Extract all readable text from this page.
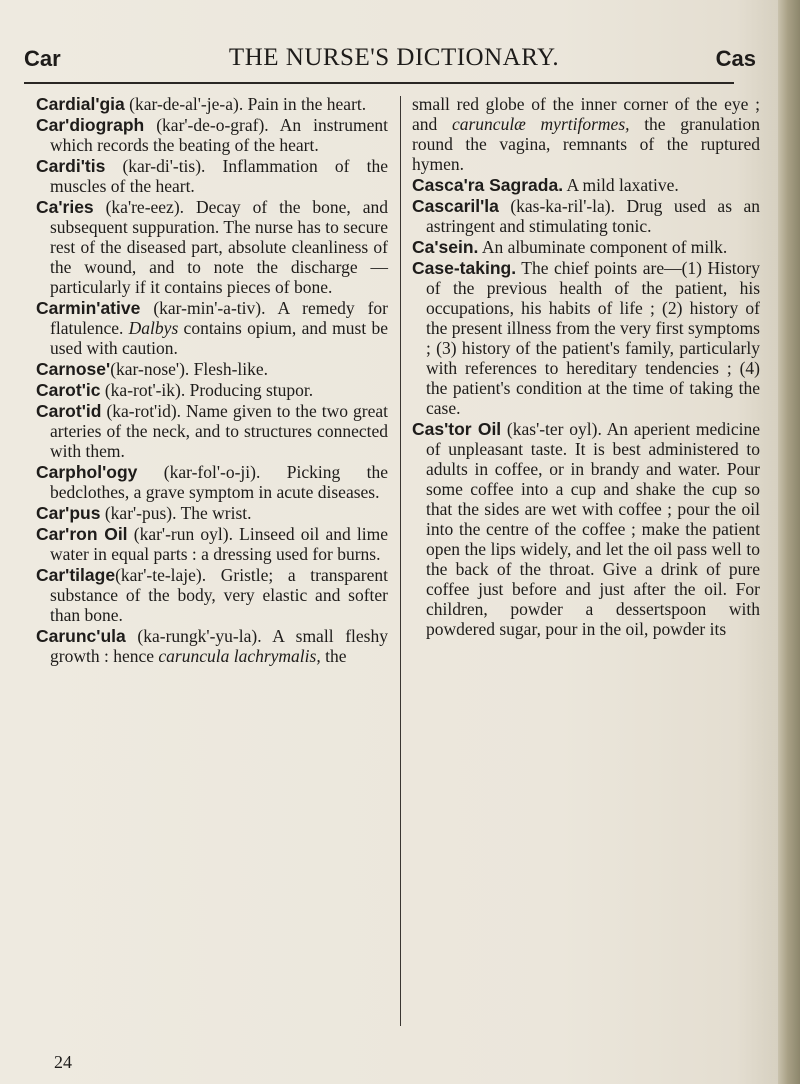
Car	THE NURSE'S DICTIONARY.	Cas

Cardial'gia (kar-de-al'-je-a). Pain in the heart.

Car'diograph (kar'-de-o-graf). An instrument which records the beating of the heart.

Cardi'tis (kar-di'-tis). Inflammation of the muscles of the heart.

Ca'ries (ka're-eez). Decay of the bone, and subsequent suppuration. The nurse has to secure rest of the diseased part, absolute cleanliness of the wound, and to note the discharge — particularly if it contains pieces of bone.

Carmin'ative (kar-min'-a-tiv). A remedy for flatulence. Dalbys contains opium, and must be used with caution.

Carnose'(kar-nose'). Flesh-like.

Carot'ic (ka-rot'-ik). Producing stupor.

Carot'id (ka-rot'id). Name given to the two great arteries of the neck, and to structures connected with them.

Carphol'ogy (kar-fol'-o-ji). Picking the bedclothes, a grave symptom in acute diseases.

Car'pus (kar'-pus). The wrist.

Car'ron Oil (kar'-run oyl). Linseed oil and lime water in equal parts : a dressing used for burns.

Car'tilage(kar'-te-laje). Gristle; a transparent substance of the body, very elastic and softer than bone.

Carunc'ula (ka-rungk'-yu-la). A small fleshy growth : hence caruncula lachrymalis, the

small red globe of the inner corner of the eye ; and carunculæ myrtiformes, the granulation round the vagina, remnants of the ruptured hymen.

Casca'ra Sagrada. A mild laxative.

Cascaril'la (kas-ka-ril'-la). Drug used as an astringent and stimulating tonic.

Ca'sein. An albuminate component of milk.

Case-taking. The chief points are—(1) History of the previous health of the patient, his occupations, his habits of life ; (2) history of the present illness from the very first symptoms ; (3) history of the patient's family, particularly with references to hereditary tendencies ; (4) the patient's condition at the time of taking the case.

Cas'tor Oil (kas'-ter oyl). An aperient medicine of unpleasant taste. It is best administered to adults in coffee, or in brandy and water. Pour some coffee into a cup and shake the cup so that the sides are wet with coffee ; pour the oil into the centre of the coffee ; make the patient open the lips widely, and let the oil pass well to the back of the throat. Give a drink of pure coffee just before and just after the oil. For children, powder a dessertspoon with powdered sugar, pour in the oil, powder its

24
